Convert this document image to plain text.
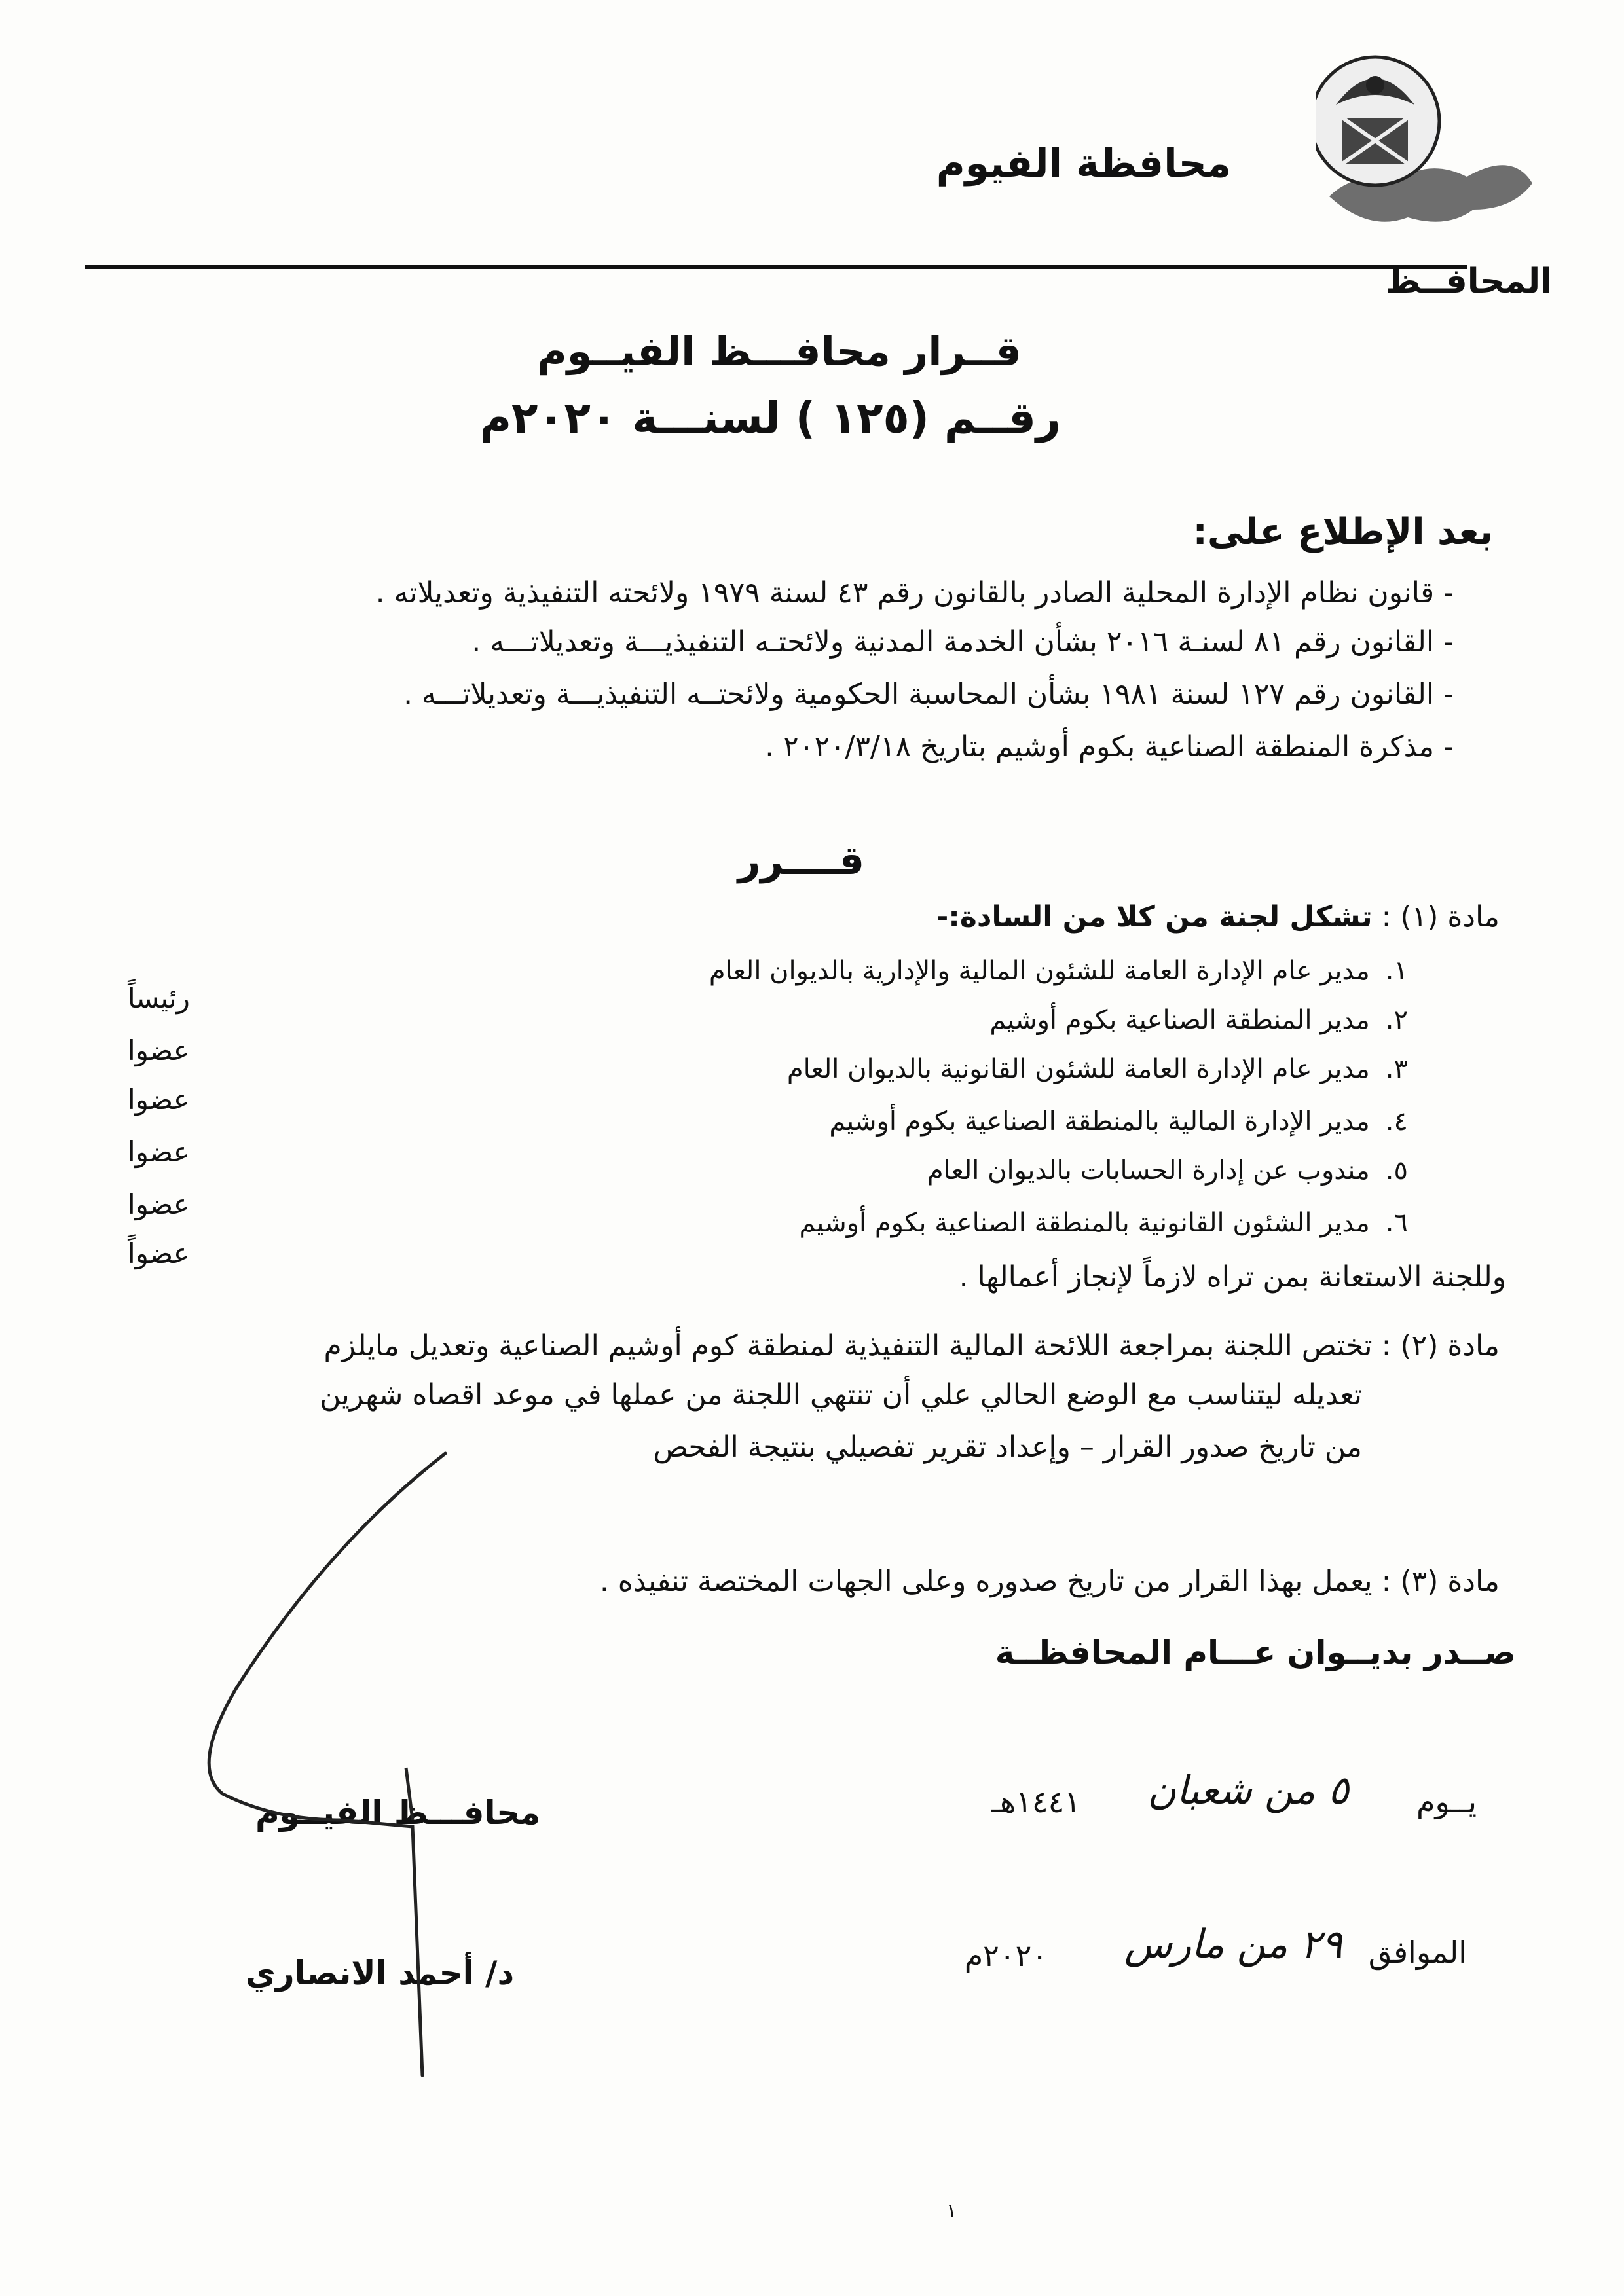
محافظة الفيوم
المحافــظ
قــرار محافـــظ الفيــوم
رقــم (١٢٥ ) لسنـــة ٢٠٢٠م
بعد الإطلاع على:
- قانون نظام الإدارة المحلية الصادر بالقانون رقم ٤٣ لسنة ١٩٧٩ ولائحته التنفيذية وتعديلاته .
- القانون رقم ٨١ لسنـة ٢٠١٦ بشأن الخدمة المدنية ولائحتـه التنفيذيـــة وتعديلاتـــه .
- القانون رقم ١٢٧ لسنة ١٩٨١ بشأن المحاسبة الحكومية ولائحتــه التنفيذيـــة وتعديلاتـــه .
- مذكرة المنطقة الصناعية بكوم أوشيم بتاريخ ٢٠٢٠/٣/١٨ .
قــــرر
مادة (١) : تشكل لجنة من كلا من السادة:-
١.مدير عام الإدارة العامة للشئون المالية والإدارية بالديوان العام
رئيساً
٢.مدير المنطقة الصناعية بكوم أوشيم
عضوا
٣.مدير عام الإدارة العامة للشئون القانونية بالديوان العام
عضوا
٤.مدير الإدارة المالية بالمنطقة الصناعية بكوم أوشيم
عضوا
٥.مندوب عن إدارة الحسابات بالديوان العام
عضوا
٦.مدير الشئون القانونية بالمنطقة الصناعية بكوم أوشيم
عضواً
وللجنة الاستعانة بمن تراه لازماً لإنجاز أعمالها .
مادة (٢) : تختص اللجنة بمراجعة اللائحة المالية التنفيذية لمنطقة كوم أوشيم الصناعية وتعديل مايلزم
تعديله ليتناسب مع الوضع الحالي علي أن تنتهي اللجنة من عملها في موعد اقصاه شهرين
من تاريخ صدور القرار – وإعداد تقرير تفصيلي بنتيجة الفحص
مادة (٣) : يعمل بهذا القرار من تاريخ صدوره وعلى الجهات المختصة تنفيذه .
صــدر بديــوان عـــام المحافظــة
يــوم
٥ من شعبان
١٤٤١هـ
الموافق
٢٩ من مارس
٢٠٢٠م
محافـــظ الفيــوم
د/ أحمد الانصاري
١
